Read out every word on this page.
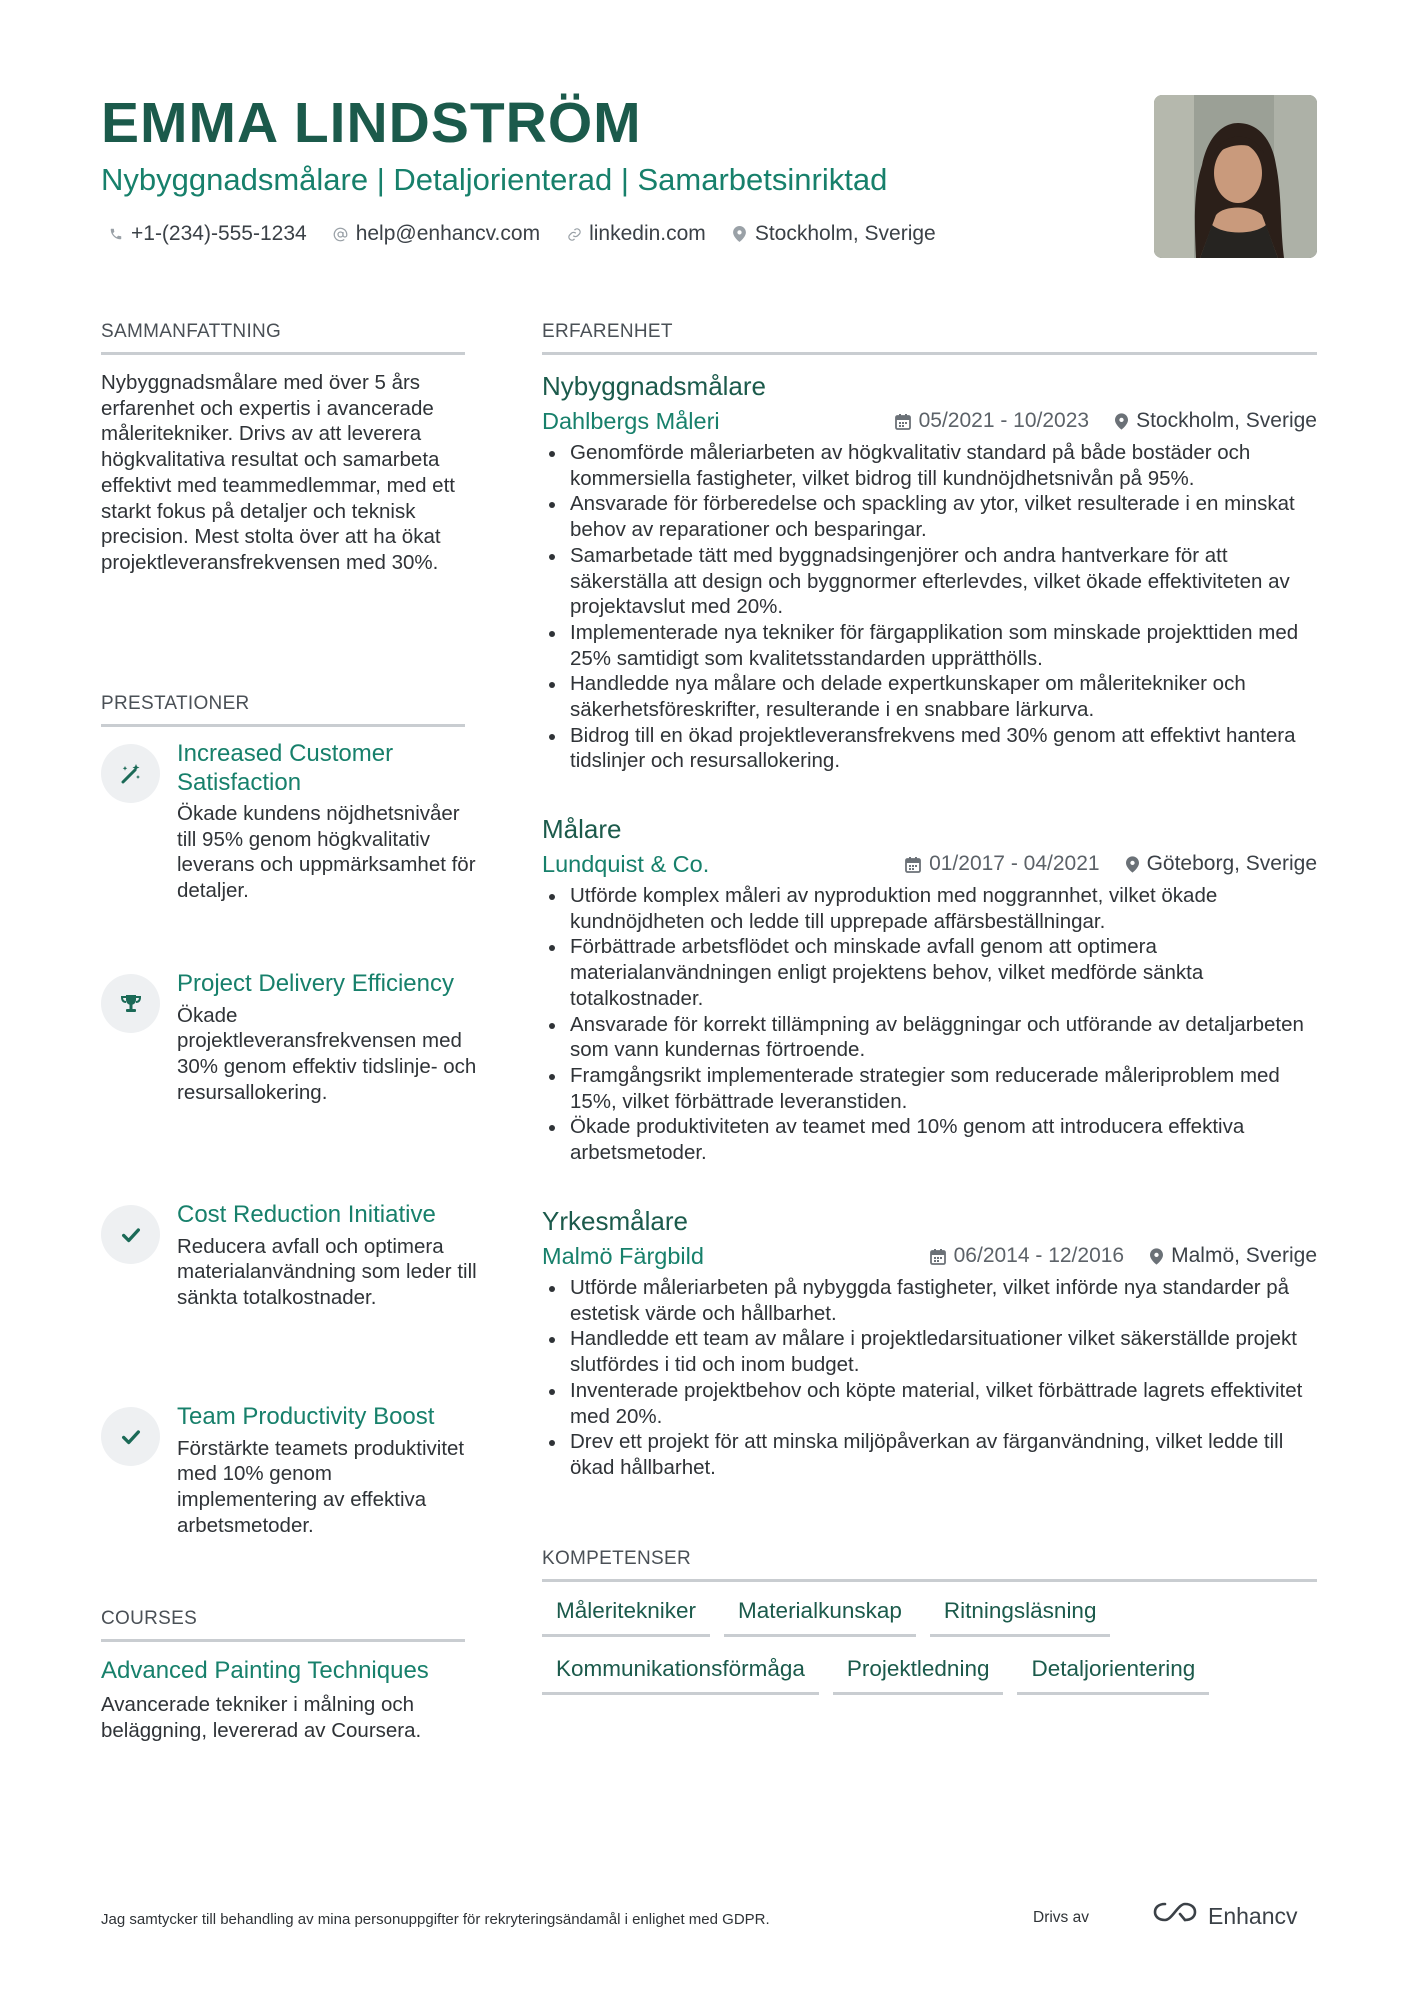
EMMA LINDSTRÖM
Nybyggnadsmålare | Detaljorienterad | Samarbetsinriktad
+1-(234)-555-1234 help@enhancv.com linkedin.com Stockholm, Sverige
SAMMANFATTNING
Nybyggnadsmålare med över 5 års erfarenhet och expertis i avancerade måleritekniker. Drivs av att leverera högkvalitativa resultat och samarbeta effektivt med teammedlemmar, med ett starkt fokus på detaljer och teknisk precision. Mest stolta över att ha ökat projektleveransfrekvensen med 30%.
PRESTATIONER
Increased Customer Satisfaction
Ökade kundens nöjdhetsnivåer till 95% genom högkvalitativ leverans och uppmärksamhet för detaljer.
Project Delivery Efficiency
Ökade projektleveransfrekvensen med 30% genom effektiv tidslinje- och resursallokering.
Cost Reduction Initiative
Reducera avfall och optimera materialanvändning som leder till sänkta totalkostnader.
Team Productivity Boost
Förstärkte teamets produktivitet med 10% genom implementering av effektiva arbetsmetoder.
COURSES
Advanced Painting Techniques
Avancerade tekniker i målning och beläggning, levererad av Coursera.
ERFARENHET
Nybyggnadsmålare
Dahlbergs Måleri	05/2021 - 10/2023 Stockholm, Sverige
Genomförde måleriarbeten av högkvalitativ standard på både bostäder och kommersiella fastigheter, vilket bidrog till kundnöjdhetsnivån på 95%.
Ansvarade för förberedelse och spackling av ytor, vilket resulterade i en minskat behov av reparationer och besparingar.
Samarbetade tätt med byggnadsingenjörer och andra hantverkare för att säkerställa att design och byggnormer efterlevdes, vilket ökade effektiviteten av projektavslut med 20%.
Implementerade nya tekniker för färgapplikation som minskade projekttiden med 25% samtidigt som kvalitetsstandarden upprätthölls.
Handledde nya målare och delade expertkunskaper om måleritekniker och säkerhetsföreskrifter, resulterande i en snabbare lärkurva.
Bidrog till en ökad projektleveransfrekvens med 30% genom att effektivt hantera tidslinjer och resursallokering.
Målare
Lundquist & Co.	01/2017 - 04/2021 Göteborg, Sverige
Utförde komplex måleri av nyproduktion med noggrannhet, vilket ökade kundnöjdheten och ledde till upprepade affärsbeställningar.
Förbättrade arbetsflödet och minskade avfall genom att optimera materialanvändningen enligt projektens behov, vilket medförde sänkta totalkostnader.
Ansvarade för korrekt tillämpning av beläggningar och utförande av detaljarbeten som vann kundernas förtroende.
Framgångsrikt implementerade strategier som reducerade måleriproblem med 15%, vilket förbättrade leveranstiden.
Ökade produktiviteten av teamet med 10% genom att introducera effektiva arbetsmetoder.
Yrkesmålare
Malmö Färgbild	06/2014 - 12/2016 Malmö, Sverige
Utförde måleriarbeten på nybyggda fastigheter, vilket införde nya standarder på estetisk värde och hållbarhet.
Handledde ett team av målare i projektledarsituationer vilket säkerställde projekt slutfördes i tid och inom budget.
Inventerade projektbehov och köpte material, vilket förbättrade lagrets effektivitet med 20%.
Drev ett projekt för att minska miljöpåverkan av färganvändning, vilket ledde till ökad hållbarhet.
KOMPETENSER
Måleritekniker	Materialkunskap	Ritningsläsning
Kommunikationsförmåga	Projektledning	Detaljorientering
Jag samtycker till behandling av mina personuppgifter för rekryteringsändamål i enlighet med GDPR.	Drivs av	Enhancv
